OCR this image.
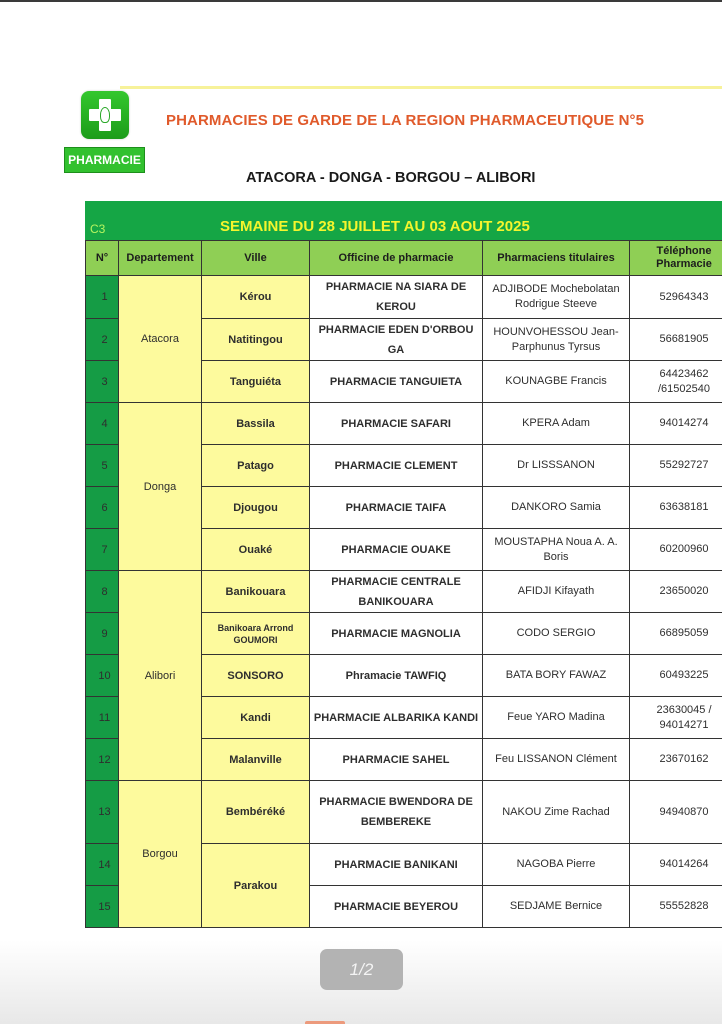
PHARMACIE
PHARMACIES DE GARDE DE LA REGION PHARMACEUTIQUE N°5
ATACORA - DONGA - BORGOU – ALIBORI
C3	SEMAINE DU 28 JUILLET AU 03 AOUT 2025
N°	Departement	Ville	Officine de pharmacie	Pharmaciens titulaires	Téléphone Pharmacie
1	Atacora	Kérou	PHARMACIE NA SIARA DE KEROU	ADJIBODE Mochebolatan Rodrigue Steeve	52964343
2		Natitingou	PHARMACIE EDEN D'ORBOU GA	HOUNVOHESSOU Jean-Parphunus Tyrsus	56681905
3		Tanguiéta	PHARMACIE TANGUIETA	KOUNAGBE Francis	64423462 /61502540
4	Donga	Bassila	PHARMACIE SAFARI	KPERA Adam	94014274
5		Patago	PHARMACIE CLEMENT	Dr LISSSANON	55292727
6		Djougou	PHARMACIE TAIFA	DANKORO Samia	63638181
7		Ouaké	PHARMACIE OUAKE	MOUSTAPHA Noua A. A. Boris	60200960
8	Alibori	Banikouara	PHARMACIE CENTRALE BANIKOUARA	AFIDJI Kifayath	23650020
9		Banikoara Arrond GOUMORI	PHARMACIE MAGNOLIA	CODO SERGIO	66895059
10		SONSORO	Phramacie TAWFIQ	BATA BORY FAWAZ	60493225
11		Kandi	PHARMACIE ALBARIKA KANDI	Feue YARO Madina	23630045 / 94014271
12		Malanville	PHARMACIE SAHEL	Feu LISSANON Clément	23670162
13	Borgou	Bembéréké	PHARMACIE BWENDORA DE BEMBEREKE	NAKOU Zime Rachad	94940870
14		Parakou	PHARMACIE BANIKANI	NAGOBA Pierre	94014264
15			PHARMACIE BEYEROU	SEDJAME Bernice	55552828
1/2
